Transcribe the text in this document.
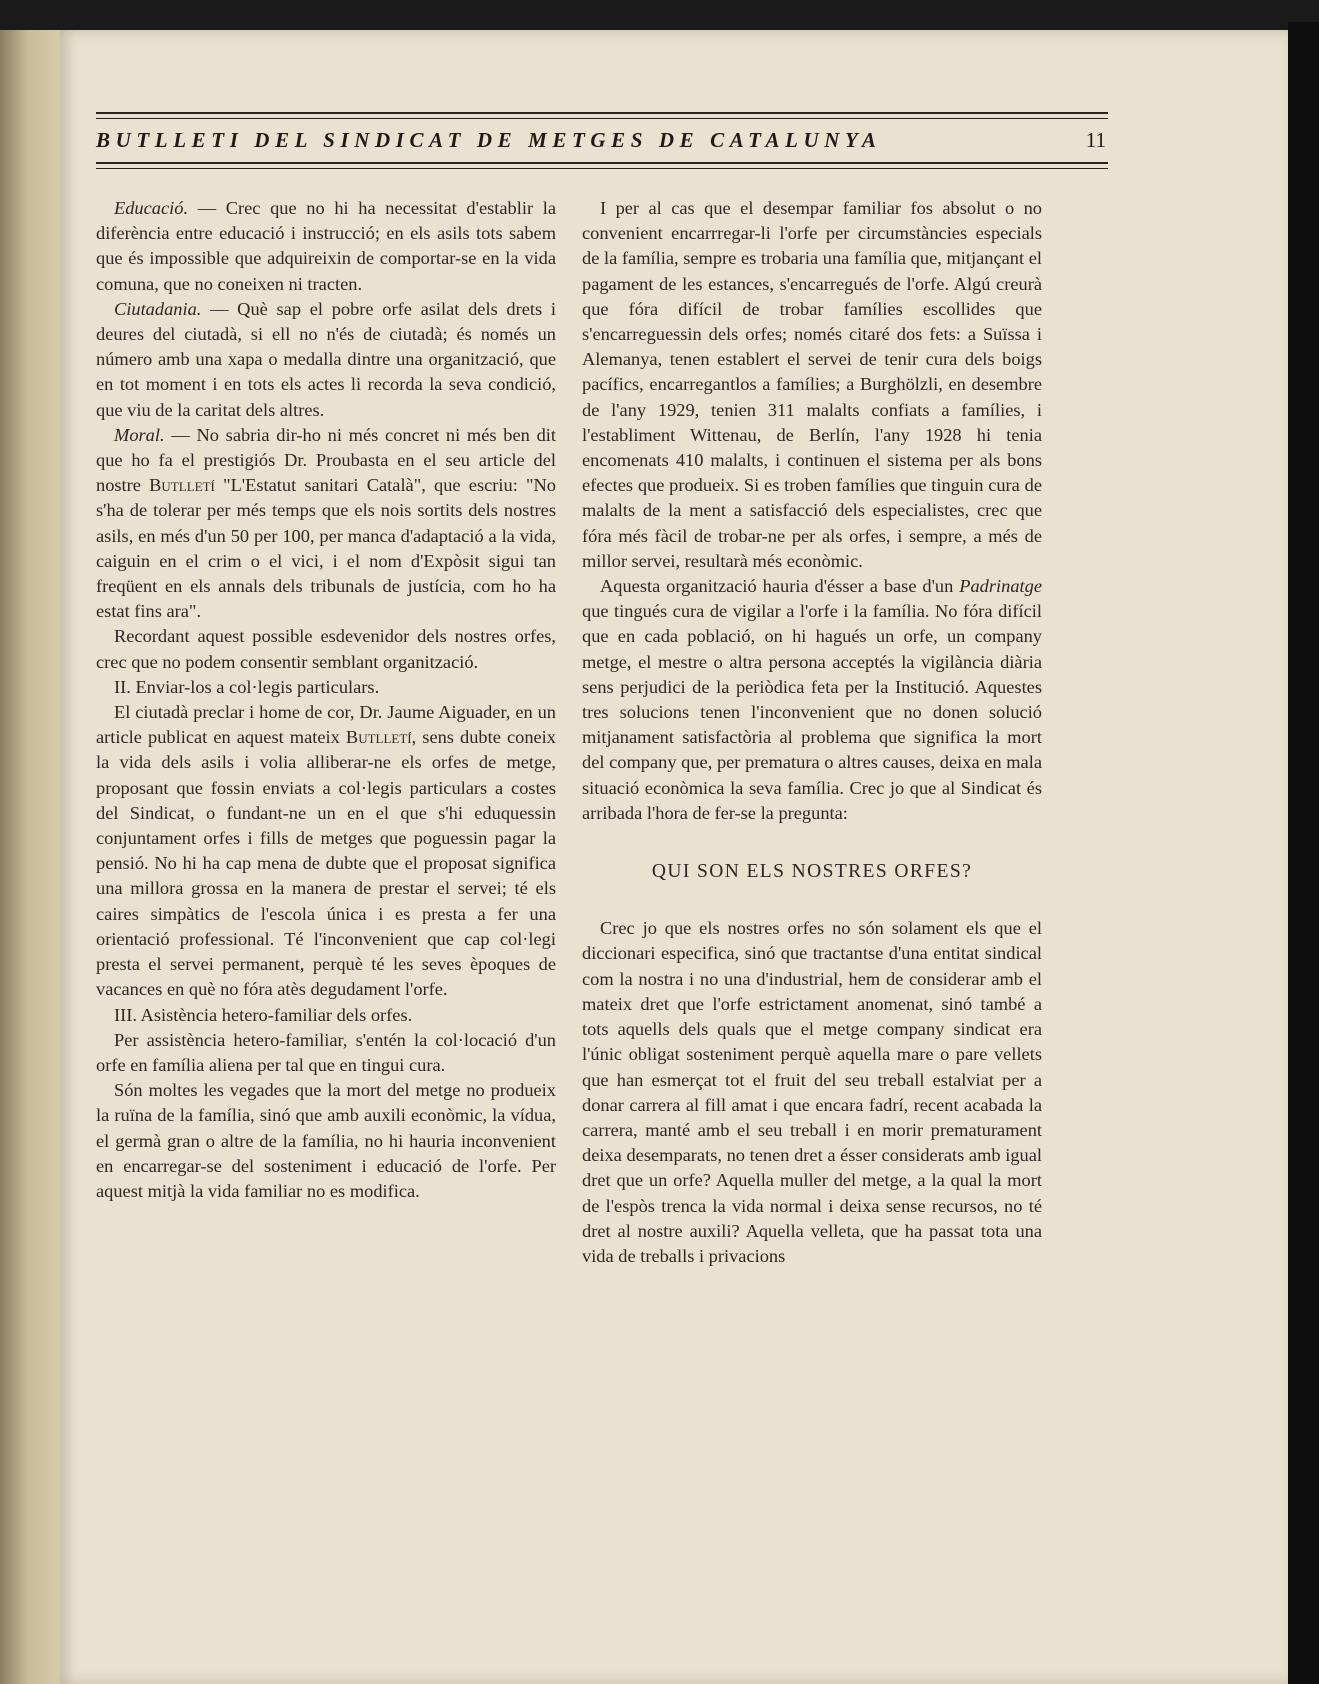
BUTLLETI DEL SINDICAT DE METGES DE CATALUNYA	11

Educació. — Crec que no hi ha necessitat d'establir la diferència entre educació i instrucció; en els asils tots sabem que és impossible que adquireixin de comportar-se en la vida comuna, que no coneixen ni tracten.

Ciutadania. — Què sap el pobre orfe asilat dels drets i deures del ciutadà, si ell no n'és de ciutadà; és només un número amb una xapa o medalla dintre una organització, que en tot moment i en tots els actes li recorda la seva condició, que viu de la caritat dels altres.

Moral. — No sabria dir-ho ni més concret ni més ben dit que ho fa el prestigiós Dr. Proubasta en el seu article del nostre Butlletí "L'Estatut sanitari Català", que escriu: "No s'ha de tolerar per més temps que els nois sortits dels nostres asils, en més d'un 50 per 100, per manca d'adaptació a la vida, caiguin en el crim o el vici, i el nom d'Expòsit sigui tan freqüent en els annals dels tribunals de justícia, com ho ha estat fins ara".

Recordant aquest possible esdevenidor dels nostres orfes, crec que no podem consentir semblant organització.

II. Enviar-los a col·legis particulars.

El ciutadà preclar i home de cor, Dr. Jaume Aiguader, en un article publicat en aquest mateix Butlletí, sens dubte coneix la vida dels asils i volia alliberar-ne els orfes de metge, proposant que fossin enviats a col·legis particulars a costes del Sindicat, o fundant-ne un en el que s'hi eduquessin conjuntament orfes i fills de metges que poguessin pagar la pensió. No hi ha cap mena de dubte que el proposat significa una millora grossa en la manera de prestar el servei; té els caires simpàtics de l'escola única i es presta a fer una orientació professional. Té l'inconvenient que cap col·legi presta el servei permanent, perquè té les seves èpoques de vacances en què no fóra atès degudament l'orfe.

III. Asistència hetero-familiar dels orfes.

Per assistència hetero-familiar, s'entén la col·locació d'un orfe en família aliena per tal que en tingui cura.

Són moltes les vegades que la mort del metge no produeix la ruïna de la família, sinó que amb auxili econòmic, la vídua, el germà gran o altre de la família, no hi hauria inconvenient en encarregar-se del sosteniment i educació de l'orfe. Per aquest mitjà la vida familiar no es modifica.

I per al cas que el desempar familiar fos absolut o no convenient encarrregar-li l'orfe per circumstàncies especials de la família, sempre es trobaria una família que, mitjançant el pagament de les estances, s'encarregués de l'orfe. Algú creurà que fóra difícil de trobar famílies escollides que s'encarreguessin dels orfes; només citaré dos fets: a Suïssa i Alemanya, tenen establert el servei de tenir cura dels boigs pacífics, encarregantlos a famílies; a Burghölzli, en desembre de l'any 1929, tenien 311 malalts confiats a famílies, i l'establiment Wittenau, de Berlín, l'any 1928 hi tenia encomenats 410 malalts, i continuen el sistema per als bons efectes que produeix. Si es troben famílies que tinguin cura de malalts de la ment a satisfacció dels especialistes, crec que fóra més fàcil de trobar-ne per als orfes, i sempre, a més de millor servei, resultarà més econòmic.

Aquesta organització hauria d'ésser a base d'un Padrinatge que tingués cura de vigilar a l'orfe i la família. No fóra difícil que en cada població, on hi hagués un orfe, un company metge, el mestre o altra persona acceptés la vigilància diària sens perjudici de la periòdica feta per la Institució. Aquestes tres solucions tenen l'inconvenient que no donen solució mitjanament satisfactòria al problema que significa la mort del company que, per prematura o altres causes, deixa en mala situació econòmica la seva família. Crec jo que al Sindicat és arribada l'hora de fer-se la pregunta:

QUI SON ELS NOSTRES ORFES?

Crec jo que els nostres orfes no són solament els que el diccionari especifica, sinó que tractantse d'una entitat sindical com la nostra i no una d'industrial, hem de considerar amb el mateix dret que l'orfe estrictament anomenat, sinó també a tots aquells dels quals que el metge company sindicat era l'únic obligat sosteniment perquè aquella mare o pare vellets que han esmerçat tot el fruit del seu treball estalviat per a donar carrera al fill amat i que encara fadrí, recent acabada la carrera, manté amb el seu treball i en morir prematurament deixa desemparats, no tenen dret a ésser considerats amb igual dret que un orfe? Aquella muller del metge, a la qual la mort de l'espòs trenca la vida normal i deixa sense recursos, no té dret al nostre auxili? Aquella velleta, que ha passat tota una vida de treballs i privacions
